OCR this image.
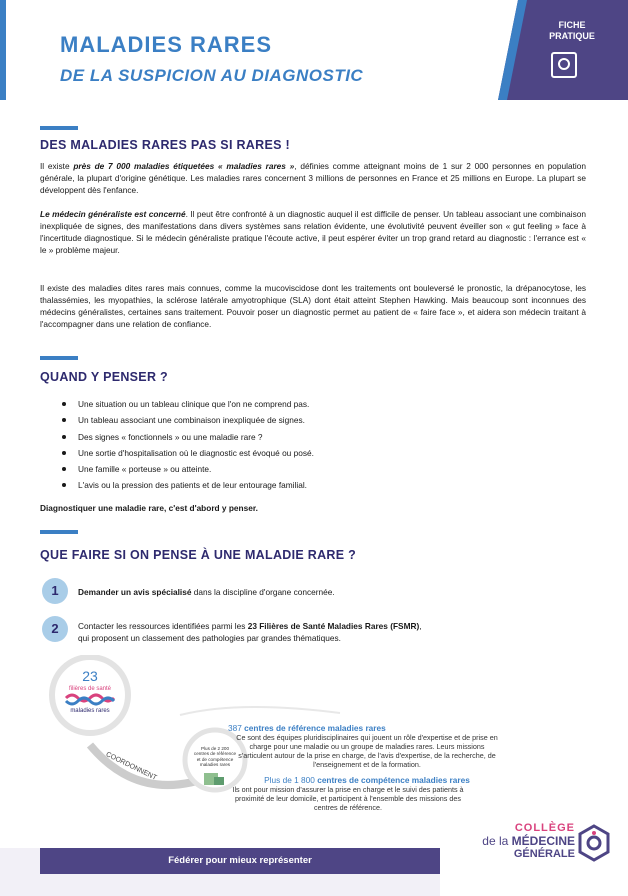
MALADIES RARES
DE LA SUSPICION AU DIAGNOSTIC
FICHE
PRATIQUE
DES MALADIES RARES PAS SI RARES !
Il existe près de 7 000 maladies étiquetées « maladies rares », définies comme atteignant moins de 1 sur 2 000 personnes en population générale, la plupart d'origine génétique. Les maladies rares concernent 3 millions de personnes en France et 25 millions en Europe. La plupart se développent dès l'enfance.
Le médecin généraliste est concerné. Il peut être confronté à un diagnostic auquel il est difficile de penser. Un tableau associant une combinaison inexpliquée de signes, des manifestations dans divers systèmes sans relation évidente, une évolutivité peuvent éveiller son « gut feeling » face à l'incertitude diagnostique. Si le médecin généraliste pratique l'écoute active, il peut espérer éviter un trop grand retard au diagnostic : l'errance est « le » problème majeur.
Il existe des maladies dites rares mais connues, comme la mucoviscidose dont les traitements ont bouleversé le pronostic, la drépanocytose, les thalassémies, les myopathies, la sclérose latérale amyotrophique (SLA) dont était atteint Stephen Hawking. Mais beaucoup sont inconnues des médecins généralistes, certaines sans traitement. Pouvoir poser un diagnostic permet au patient de « faire face », et aidera son médecin traitant à l'accompagner dans une relation de confiance.
QUAND Y PENSER ?
Une situation ou un tableau clinique que l'on ne comprend pas.
Un tableau associant une combinaison inexpliquée de signes.
Des signes « fonctionnels » ou une maladie rare ?
Une sortie d'hospitalisation où le diagnostic est évoqué ou posé.
Une famille « porteuse » ou atteinte.
L'avis ou la pression des patients et de leur entourage familial.
Diagnostiquer une maladie rare, c'est d'abord y penser.
QUE FAIRE SI ON PENSE À UNE MALADIE RARE ?
1	Demander un avis spécialisé dans la discipline d'organe concernée.
2	Contacter les ressources identifiées parmi les 23 Filières de Santé Maladies Rares (FSMR),
qui proposent un classement des pathologies par grandes thématiques.
23
filières de santé
maladies rares
COORDONNENT
Plus de 2 200 centres de référence et de compétence maladies rares
387 centres de référence maladies rares
Ce sont des équipes pluridisciplinaires qui jouent un rôle d'expertise et de prise en charge pour une maladie ou un groupe de maladies rares. Leurs missions s'articulent autour de la prise en charge, de l'avis d'expertise, de la recherche, de l'enseignement et de la formation.
Plus de 1 800 centres de compétence maladies rares
Ils ont pour mission d'assurer la prise en charge et le suivi des patients à proximité de leur domicile, et participent à l'ensemble des missions des centres de référence.
Fédérer pour mieux représenter
COLLÈGE
de la MÉDECINE
GÉNÉRALE
